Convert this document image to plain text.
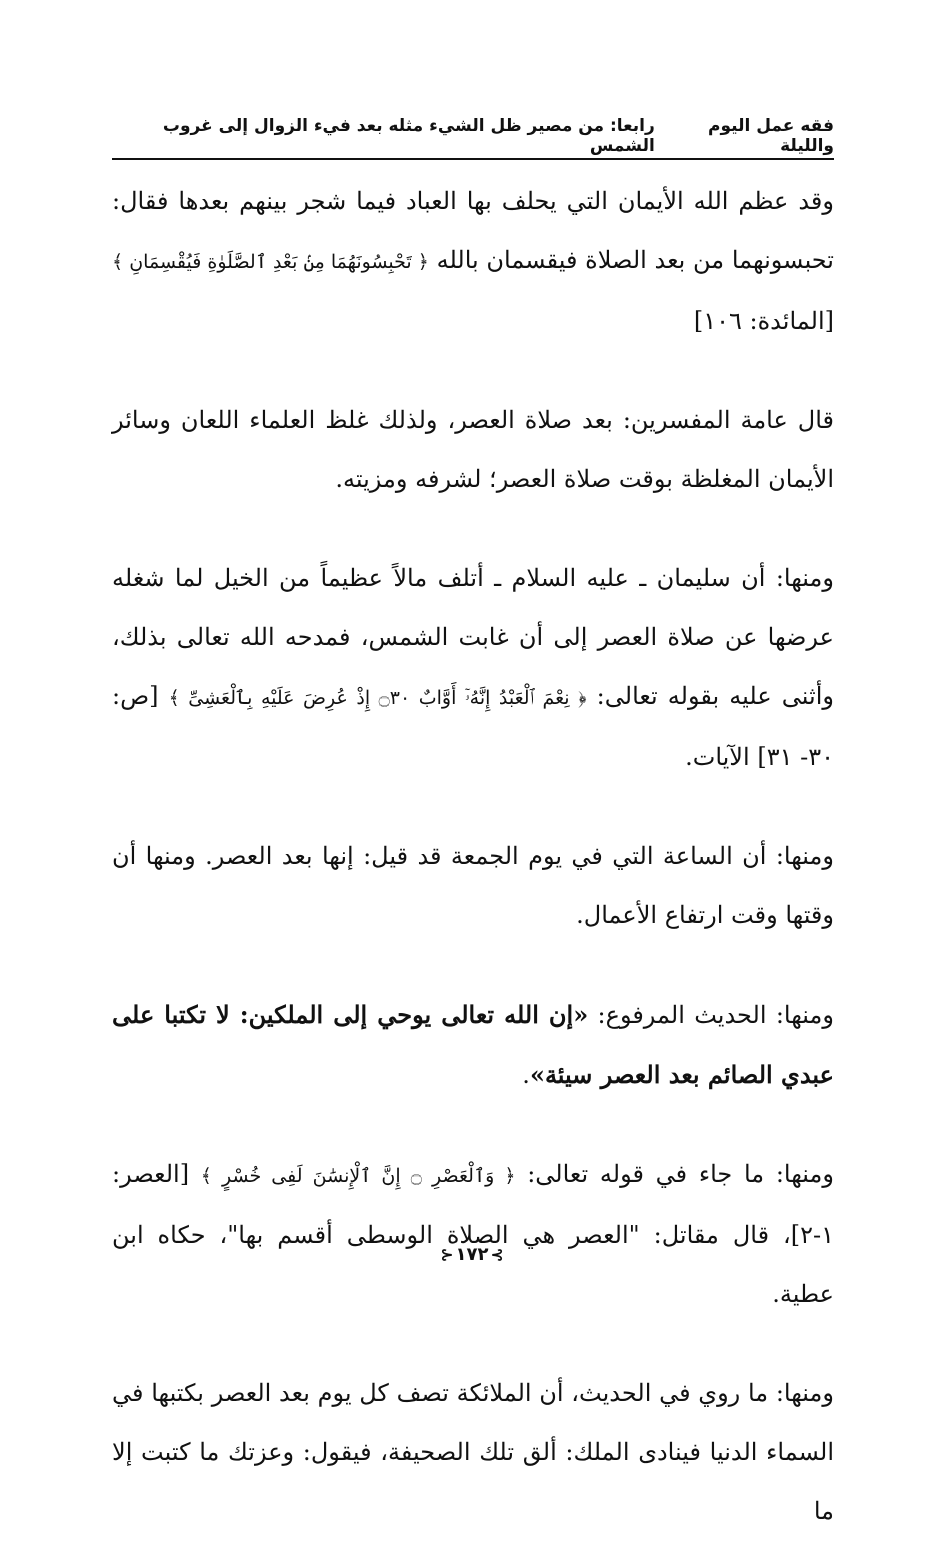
فقه عمل اليوم والليلة
رابعا: من مصير ظل الشيء مثله بعد فيء الزوال إلى غروب الشمس

وقد عظم الله الأيمان التي يحلف بها العباد فيما شجر بينهم بعدها فقال: تحبسونهما من بعد الصلاة فيقسمان بالله ﴿ تَحْبِسُونَهُمَا مِنۢ بَعْدِ ٱلصَّلَوٰةِ فَيُقْسِمَانِ ﴾ [المائدة: ١٠٦]

قال عامة المفسرين: بعد صلاة العصر، ولذلك غلظ العلماء اللعان وسائر الأيمان المغلظة بوقت صلاة العصر؛ لشرفه ومزيته.

ومنها: أن سليمان ـ عليه السلام ـ أتلف مالاً عظيماً من الخيل لما شغله عرضها عن صلاة العصر إلى أن غابت الشمس، فمدحه الله تعالى بذلك، وأثنى عليه بقوله تعالى: ﴿ نِعْمَ ٱلْعَبْدُ إِنَّهُۥٓ أَوَّابٌ ۝٣٠ إِذْ عُرِضَ عَلَيْهِ بِٱلْعَشِىِّ ﴾ [ص: ٣٠- ٣١] الآيات.

ومنها: أن الساعة التي في يوم الجمعة قد قيل: إنها بعد العصر. ومنها أن وقتها وقت ارتفاع الأعمال.

ومنها: الحديث المرفوع: «إن الله تعالى يوحي إلى الملكين: لا تكتبا على عبدي الصائم بعد العصر سيئة».

ومنها: ما جاء في قوله تعالى: ﴿ وَٱلْعَصْرِ ۝ إِنَّ ٱلْإِنسَٰنَ لَفِى خُسْرٍ ﴾ [العصر: ١-٢]، قال مقاتل: "العصر هي الصلاة الوسطى أقسم بها"، حكاه ابن عطية.

ومنها: ما روي في الحديث، أن الملائكة تصف كل يوم بعد العصر بكتبها في السماء الدنيا فينادى الملك: ألق تلك الصحيفة، فيقول: وعزتك ما كتبت إلا ما

⊱١٧٢⊰
